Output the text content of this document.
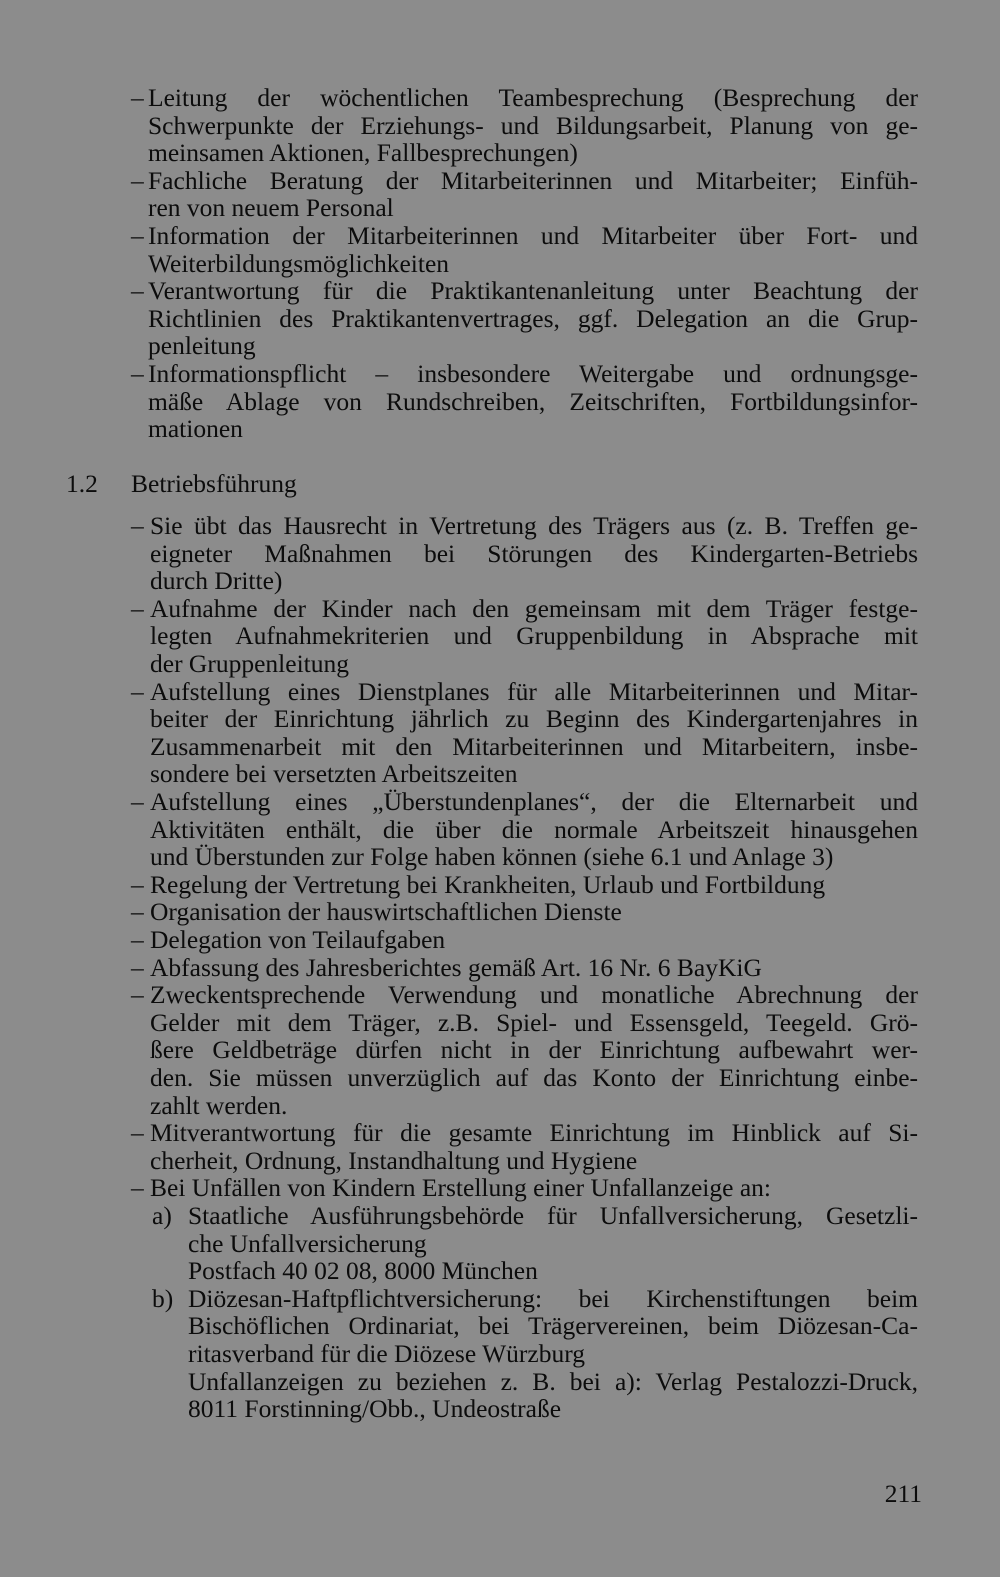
– Leitung der wöchentlichen Teambesprechung (Besprechung der
Schwerpunkte der Erziehungs- und Bildungsarbeit, Planung von ge-
meinsamen Aktionen, Fallbesprechungen)
– Fachliche Beratung der Mitarbeiterinnen und Mitarbeiter; Einfüh-
ren von neuem Personal
– Information der Mitarbeiterinnen und Mitarbeiter über Fort- und
Weiterbildungsmöglichkeiten
– Verantwortung für die Praktikantenanleitung unter Beachtung der
Richtlinien des Praktikantenvertrages, ggf. Delegation an die Grup-
penleitung
– Informationspflicht – insbesondere Weitergabe und ordnungsge-
mäße Ablage von Rundschreiben, Zeitschriften, Fortbildungsinfor-
mationen
1.2 Betriebsführung
– Sie übt das Hausrecht in Vertretung des Trägers aus (z. B. Treffen ge-
eigneter Maßnahmen bei Störungen des Kindergarten-Betriebs
durch Dritte)
– Aufnahme der Kinder nach den gemeinsam mit dem Träger festge-
legten Aufnahmekriterien und Gruppenbildung in Absprache mit
der Gruppenleitung
– Aufstellung eines Dienstplanes für alle Mitarbeiterinnen und Mitar-
beiter der Einrichtung jährlich zu Beginn des Kindergartenjahres in
Zusammenarbeit mit den Mitarbeiterinnen und Mitarbeitern, insbe-
sondere bei versetzten Arbeitszeiten
– Aufstellung eines „Überstundenplanes“, der die Elternarbeit und
Aktivitäten enthält, die über die normale Arbeitszeit hinausgehen
und Überstunden zur Folge haben können (siehe 6.1 und Anlage 3)
– Regelung der Vertretung bei Krankheiten, Urlaub und Fortbildung
– Organisation der hauswirtschaftlichen Dienste
– Delegation von Teilaufgaben
– Abfassung des Jahresberichtes gemäß Art. 16 Nr. 6 BayKiG
– Zweckentsprechende Verwendung und monatliche Abrechnung der
Gelder mit dem Träger, z.B. Spiel- und Essensgeld, Teegeld. Grö-
ßere Geldbeträge dürfen nicht in der Einrichtung aufbewahrt wer-
den. Sie müssen unverzüglich auf das Konto der Einrichtung einbe-
zahlt werden.
– Mitverantwortung für die gesamte Einrichtung im Hinblick auf Si-
cherheit, Ordnung, Instandhaltung und Hygiene
– Bei Unfällen von Kindern Erstellung einer Unfallanzeige an:
a) Staatliche Ausführungsbehörde für Unfallversicherung, Gesetzli-
che Unfallversicherung
Postfach 40 02 08, 8000 München
b) Diözesan-Haftpflichtversicherung: bei Kirchenstiftungen beim
Bischöflichen Ordinariat, bei Trägervereinen, beim Diözesan-Ca-
ritasverband für die Diözese Würzburg
Unfallanzeigen zu beziehen z. B. bei a): Verlag Pestalozzi-Druck,
8011 Forstinning/Obb., Undeostraße
211
